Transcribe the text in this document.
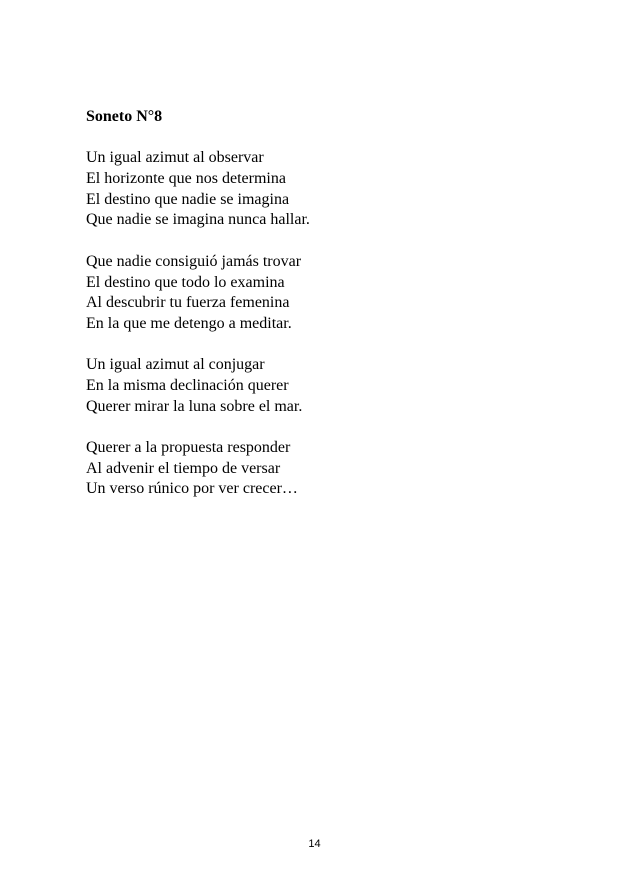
Soneto N°8
Un igual azimut al observar
El horizonte que nos determina
El destino que nadie se imagina
Que nadie se imagina nunca hallar.
Que nadie consiguió jamás trovar
El destino que todo lo examina
Al descubrir tu fuerza femenina
En la que me detengo a meditar.
Un igual azimut al conjugar
En la misma declinación querer
Querer mirar la luna sobre el mar.
Querer a la propuesta responder
Al advenir el tiempo de versar
Un verso rúnico por ver crecer…
14
